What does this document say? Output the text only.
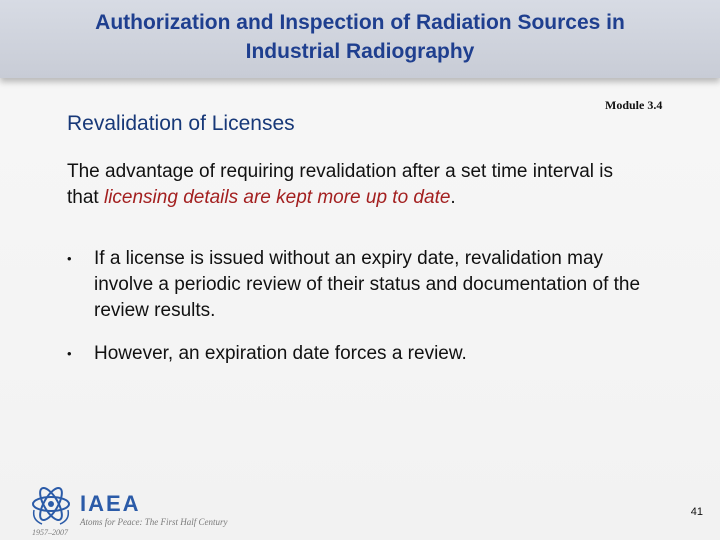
Authorization and Inspection of Radiation Sources in
Industrial Radiography
Module 3.4
Revalidation of Licenses
The advantage of requiring revalidation after a set time interval is that licensing details are kept more up to date.
•	If a license is issued without an expiry date, revalidation may involve a periodic review of their status and documentation of the review results.
•	However, an expiration date forces a review.
IAEA
Atoms for Peace: The First Half Century
1957–2007
41
